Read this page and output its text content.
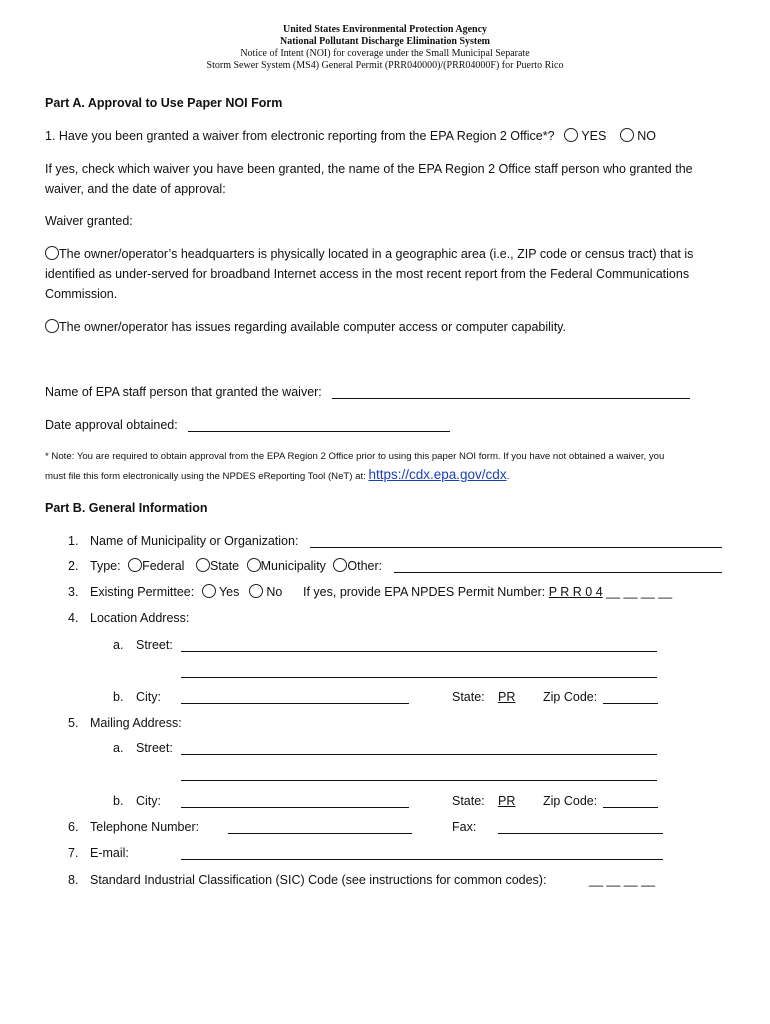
United States Environmental Protection Agency
National Pollutant Discharge Elimination System
Notice of Intent (NOI) for coverage under the Small Municipal Separate
Storm Sewer System (MS4) General Permit (PRR040000)/(PRR04000F) for Puerto Rico
Part A. Approval to Use Paper NOI Form
1. Have you been granted a waiver from electronic reporting from the EPA Region 2 Office*? YES NO
If yes, check which waiver you have been granted, the name of the EPA Region 2 Office staff person who granted the
waiver, and the date of approval:
Waiver granted:
The owner/operator’s headquarters is physically located in a geographic area (i.e., ZIP code or census tract) that is
identified as under-served for broadband Internet access in the most recent report from the Federal Communications
Commission.
The owner/operator has issues regarding available computer access or computer capability.
Name of EPA staff person that granted the waiver:
Date approval obtained:
* Note: You are required to obtain approval from the EPA Region 2 Office prior to using this paper NOI form. If you have not obtained a waiver, you
must file this form electronically using the NPDES eReporting Tool (NeT) at: https://cdx.epa.gov/cdx.
Part B. General Information
1. Name of Municipality or Organization:
2. Type: Federal State Municipality Other:
3. Existing Permittee: Yes No If yes, provide EPA NPDES Permit Number: P R R 0 4 __ __ __ __
4. Location Address:
a. Street:
b. City:	State: PR Zip Code:
5. Mailing Address:
a. Street:
b. City:	State: PR Zip Code:
6. Telephone Number:	Fax:
7. E-mail:
8. Standard Industrial Classification (SIC) Code (see instructions for common codes):	__ __ __ __
